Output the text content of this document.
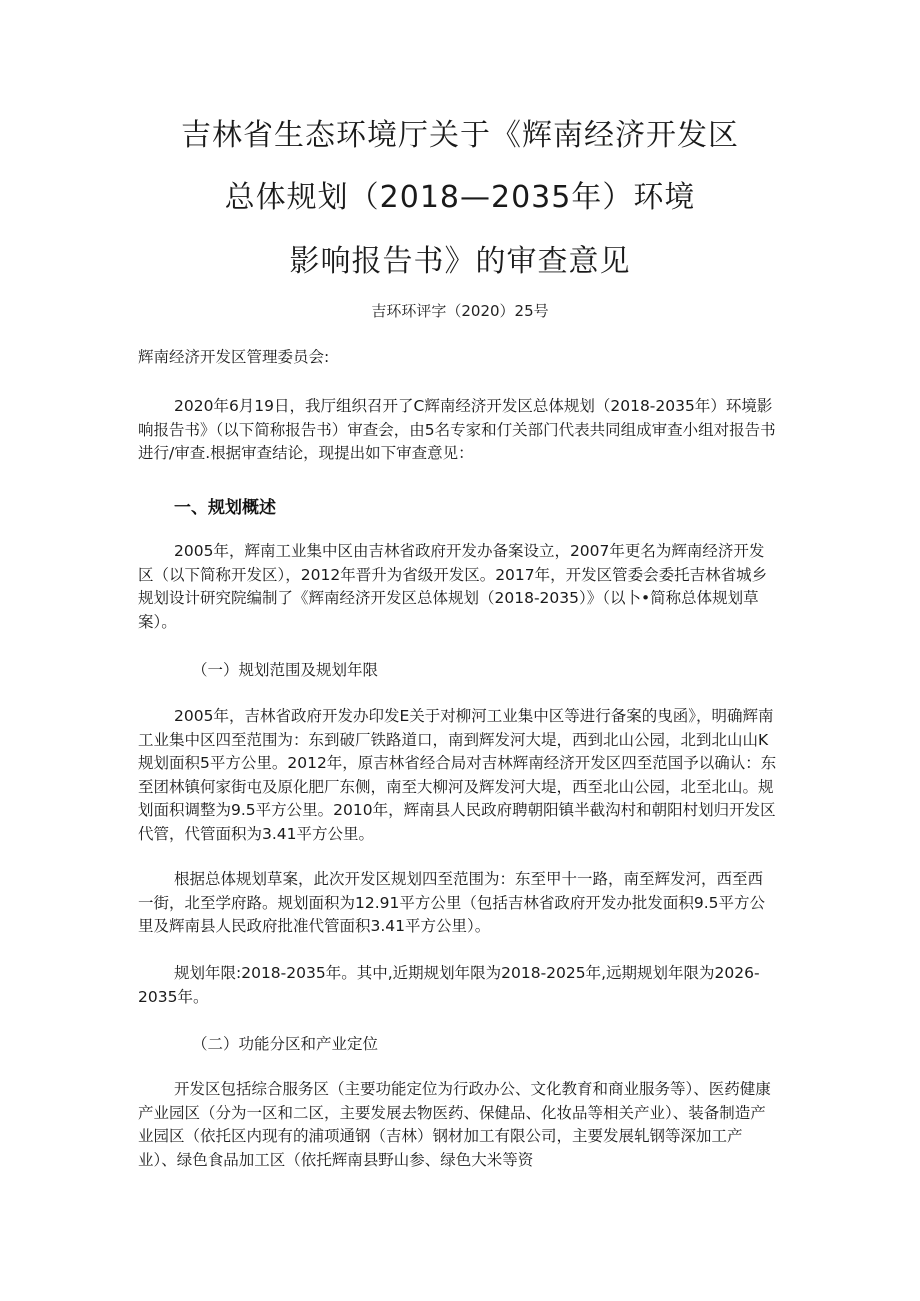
吉林省生态环境厅关于《辉南经济开发区
总体规划（2018—2035年）环境
影响报告书》的审查意见
吉环环评字（2020）25号
辉南经济开发区管理委员会:
2020年6月19日，我厅组织召开了C辉南经济开发区总体规划（2018-2035年）环境影响报告书》（以下简称报告书）审查会，由5名专家和仃关部门代表共同组成审查小组对报告书进行/审查.根据审查结论，现提出如下审查意见：
一、规划概述
2005年，辉南工业集中区由吉林省政府开发办备案设立，2007年更名为辉南经济开发区（以下简称开发区），2012年晋升为省级开发区。2017年，开发区管委会委托吉林省城乡规划设计研究院编制了《辉南经济开发区总体规划（2018-2035）》（以卜•简称总体规划草案）。
（一）规划范围及规划年限
2005年，吉林省政府开发办印发E关于对柳河工业集中区等进行备案的曳函》，明确辉南工业集中区四至范围为：东到破厂铁路道口，南到辉发河大堤，西到北山公园，北到北山山K规划面积5平方公里。2012年，原吉林省经合局对吉林辉南经济开发区四至范国予以确认：东至团林镇何家街屯及原化肥厂东侧，南至大柳河及辉发河大堤，西至北山公园，北至北山。规划面积调整为9.5平方公里。2010年，辉南县人民政府聘朝阳镇半截沟村和朝阳村划归开发区代管，代管面积为3.41平方公里。
根据总体规划草案，此次开发区规划四至范围为：东至甲十一路，南至辉发河，西至西一街，北至学府路。规划面积为12.91平方公里（包括吉林省政府开发办批发面积9.5平方公里及辉南县人民政府批准代管面积3.41平方公里）。
规划年限:2018-2035年。其中,近期规划年限为2018-2025年,远期规划年限为2026-2035年。
（二）功能分区和产业定位
开发区包括综合服务区（主要功能定位为行政办公、文化教育和商业服务等）、医药健康产业园区（分为一区和二区，主要发展去物医药、保健品、化妆品等相关产业）、装备制造产业园区（依托区内现有的浦项通钢（吉林）钢材加工有限公司，主要发展轧钢等深加工产业）、绿色食品加工区（依托辉南县野山参、绿色大米等资
